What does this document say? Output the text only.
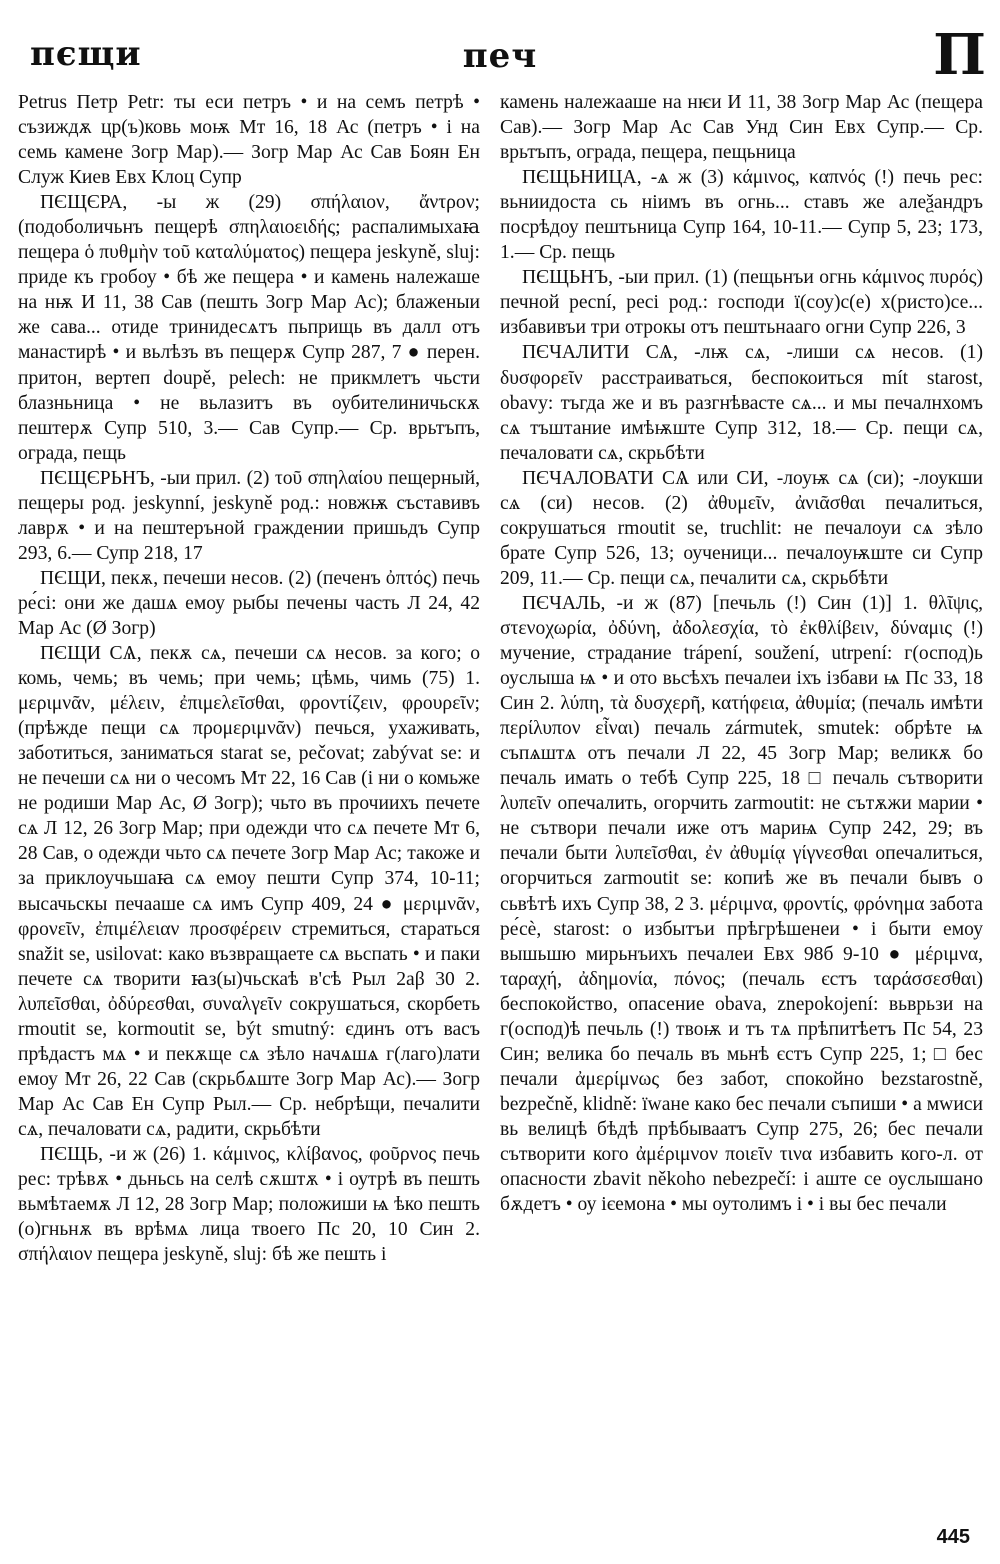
пєщи	печ	П

Petrus Петр Petr: ты еси петръ • и на семъ петрѣ • съзиждѫ цр(ъ)ковь моѭ Мт 16, 18 Ас (петръ • і на семь камене Зогр Мар).— Зогр Мар Ас Сав Боян Ен Служ Киев Евх Клоц Супр

ПЄЩЄРА, -ы ж (29) σπήλαιον, ἄντρον; (подоболичьнъ пещерѣ σπηλαιοειδής; распалимыхаꙗ пещера ὁ πυθμὴν τοῦ καταλύματος) пещера jeskyně, sluj: приде къ гробоу • бѣ же пещера • и камень належаше на нѭ И 11, 38 Сав (пешть Зогр Мар Ас); блаженыи же сава... отиде тринидесѧтъ пьприщь въ далл отъ манастирѣ • и вьлѣзъ въ пещерѫ Супр 287, 7 ● перен. притон, вертеп doupě, pelech: не прикмлетъ чьсти блазньница • не вьлазитъ въ оубителиничьскѫ пештерѫ Супр 510, 3.— Сав Супр.— Ср. врьтъпъ, ограда, пещь

ПЄЩЄРЬНЪ, -ыи прил. (2) τοῦ σπηλαίου пещерный, пещеры род. jeskynní, jeskyně род.: новжѭ съставивъ лаврѫ • и на пештеръной граждении пришьдъ Супр 293, 6.— Супр 218, 17

ПЄЩИ, пекѫ, печеши несов. (2) (печенъ ὀπτός) печь ре́сі: они же дашѧ емоу рыбы печены часть Л 24, 42 Мар Ас (Ø Зогр)

ПЄЩИ СѦ, пекѫ сѧ, печеши сѧ несов. за кого; о комь, чемь; въ чемь; при чемь; цѣмь, чимь (75) 1. μεριμνᾶν, μέλειν, ἐπιμελεῖσθαι, φροντίζειν, φρουρεῖν; (прѣжде пещи сѧ προμεριμνᾶν) печься, ухаживать, заботиться, заниматься starat se, pečovat; zabývat se: и не печеши сѧ ни о чесомъ Мт 22, 16 Сав (і ни о комьже не родиши Мар Ас, Ø Зогр); чьто въ прочиихъ печете сѧ Л 12, 26 Зогр Мар; при одежди что сѧ печете Мт 6, 28 Сав, о одежди чьто сѧ печете Зогр Мар Ас; такоже и за приклоучьшаꙗ сѧ емоу пешти Супр 374, 10-11; высачьскы печааше сѧ имъ Супр 409, 24 ● μεριμνᾶν, φρονεῖν, ἐπιμέλειαν προσφέρειν стремиться, стараться snažit se, usilovat: како възвращаете сѧ вьспать • и паки печете сѧ творити ꙗз(ы)чьскаѣ в'сѣ Рыл 2аβ 30 2. λυπεῖσθαι, ὀδύρεσθαι, συναλγεῖν сокрушаться, скорбеть rmoutit se, kormoutit se, být smutný: єдинъ отъ васъ прѣдастъ мѧ • и пекѫще сѧ зѣло начѧшѧ г(лаго)лати емоу Мт 26, 22 Сав (скрьбѧште Зогр Мар Ас).— Зогр Мар Ас Сав Ен Супр Рыл.— Ср. небрѣщи, печалити сѧ, печаловати сѧ, радити, скрьбѣти

ПЄЩЬ, -и ж (26) 1. κάμινος, κλίβανος, φοῦρνος печь рес: трѣвѫ • дьньсь на селѣ сѫштѫ • і оутрѣ въ пешть вьмѣтаемѫ Л 12, 28 Зогр Мар; положиши ѩ ѣко пешть (о)гньнѫ въ врѣмѧ лица твоего Пс 20, 10 Син 2. σπήλαιον пещера jeskyně, sluj: бѣ же пешть і

камень належааше на нѥи И 11, 38 Зогр Мар Ас (пещера Сав).— Зогр Мар Ас Сав Унд Син Евх Супр.— Ср. врьтъпъ, ограда, пещера, пещьница

ПЄЩЬНИЦА, -ѧ ж (3) κάμινος, καπνός (!) печь рес: вьниидоста сь ніимъ въ огнь... ставъ же алеѯандръ посрѣдоу пештьница Супр 164, 10-11.— Супр 5, 23; 173, 1.— Ср. пещь

ПЄЩЬНЪ, -ыи прил. (1) (пещьнъи огнь κάμινος πυρός) печной pecní, peci род.: господи ї(соу)с(е) х(ристо)се... избавивъи три отрокы отъ пештьнааго огни Супр 226, 3

ПЄЧАЛИТИ СѦ, -лѭ сѧ, -лиши сѧ несов. (1) δυσφορεῖν расстраиваться, беспокоиться mít starost, obavy: тъгда же и въ разгнѣвасте сѧ... и мы печалнхомъ сѧ тъштание имѣѭште Супр 312, 18.— Ср. пещи сѧ, печаловати сѧ, скрьбѣти

ПЄЧАЛОВАТИ СѦ или СИ, -лоуѭ сѧ (си); -лоукши сѧ (си) несов. (2) ἀθυμεῖν, ἀνιᾶσθαι печалиться, сокрушаться rmoutit se, truchlit: не печалоуи сѧ зѣло брате Супр 526, 13; оученици... печалоуѭште си Супр 209, 11.— Ср. пещи сѧ, печалити сѧ, скрьбѣти

ПЄЧАЛЬ, -и ж (87) [печьль (!) Син (1)] 1. θλῖψις, στενοχωρία, ὀδύνη, ἀδολεσχία, τὸ ἐκθλίβειν, δύναμις (!) мучение, страдание trápení, soužení, utrpení: г(оспод)ь оуслыша ѩ • и ото вьсѣхъ печалеи іхъ ізбави ѩ Пс 33, 18 Син 2. λύπη, τὰ δυσχερῆ, κατήφεια, ἀθυμία; (печаль имѣти περίλυπον εἶναι) печаль zármutek, smutek: обрѣте ѩ съпѧштѧ отъ печали Л 22, 45 Зогр Мар; великѫ бо печаль имать о тебѣ Супр 225, 18 □ печаль сътворити λυπεῖν опечалить, огорчить zarmoutit: не сътѫжи марии • не сътвори печали иже отъ мариѩ Супр 242, 29; въ печали быти λυπεῖσθαι, ἐν ἀθυμίᾳ γίγνεσθαι опечалиться, огорчиться zarmoutit se: копиѣ же въ печали бывъ о сьвѣтѣ ихъ Супр 38, 2 3. μέριμνα, φροντίς, φρόνημα забота ре́сѐ, starost: о избытъи прѣгрѣшенеи • і быти емоу вышьшю мирьнъихъ печалеи Евх 98б 9-10 ● μέριμνα, ταραχή, ἀδημονία, πόνος; (печаль єстъ ταράσσεσθαι) беспокойство, опасение obava, znepokojení: вьврьзи на г(оспод)ѣ печьль (!) твоѭ и тъ тѧ прѣпитѣетъ Пс 54, 23 Син; велика бо печаль въ мьнѣ єстъ Супр 225, 1; □ бес печали ἀμερίμνως без забот, спокойно bezstarostně, bezpečně, klidně: їwане како бес печали съпиши • а мwиси вь велицѣ бѣдѣ прѣбываатъ Супр 275, 26; бес печали сътворити кого ἀμέριμνον ποιεῖν τινα избавить кого-л. от опасности zbavit někoho nebezpečí: і аште се оуслышано бѫдетъ • оу ієемона • мы оутолимъ і • і вы бес печали

445
